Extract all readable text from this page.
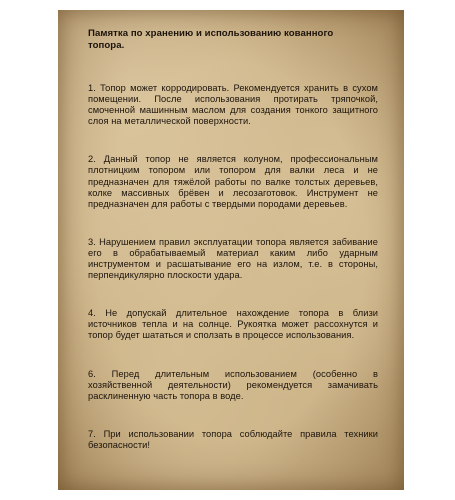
Памятка по хранению и использованию кованного топора.

1. Топор может корродировать. Рекомендуется хранить в сухом помещении. После использования протирать тряпочкой, смоченной машинным маслом для создания тонкого защитного слоя на металлической поверхности.

2. Данный топор не является колуном, профессиональным плотницким топором или топором для валки леса и не предназначен для тяжёлой работы по валке толстых деревьев, колке массивных брёвен и лесозаготовок. Инструмент не предназначен для работы с твердыми породами деревьев.

3. Нарушением правил эксплуатации топора является забивание его в обрабатываемый материал каким либо ударным инструментом и расшатывание его на излом, т.е. в стороны, перпендикулярно плоскости удара.

4. Не допускай длительное нахождение топора в близи источников тепла и на солнце. Рукоятка может рассохнутся и топор будет шататься и сползать в процессе использования.

6. Перед длительным использованием (особенно в хозяйственной деятельности) рекомендуется замачивать расклиненную часть топора в воде.

7. При использовании топора соблюдайте правила техники безопасности!
